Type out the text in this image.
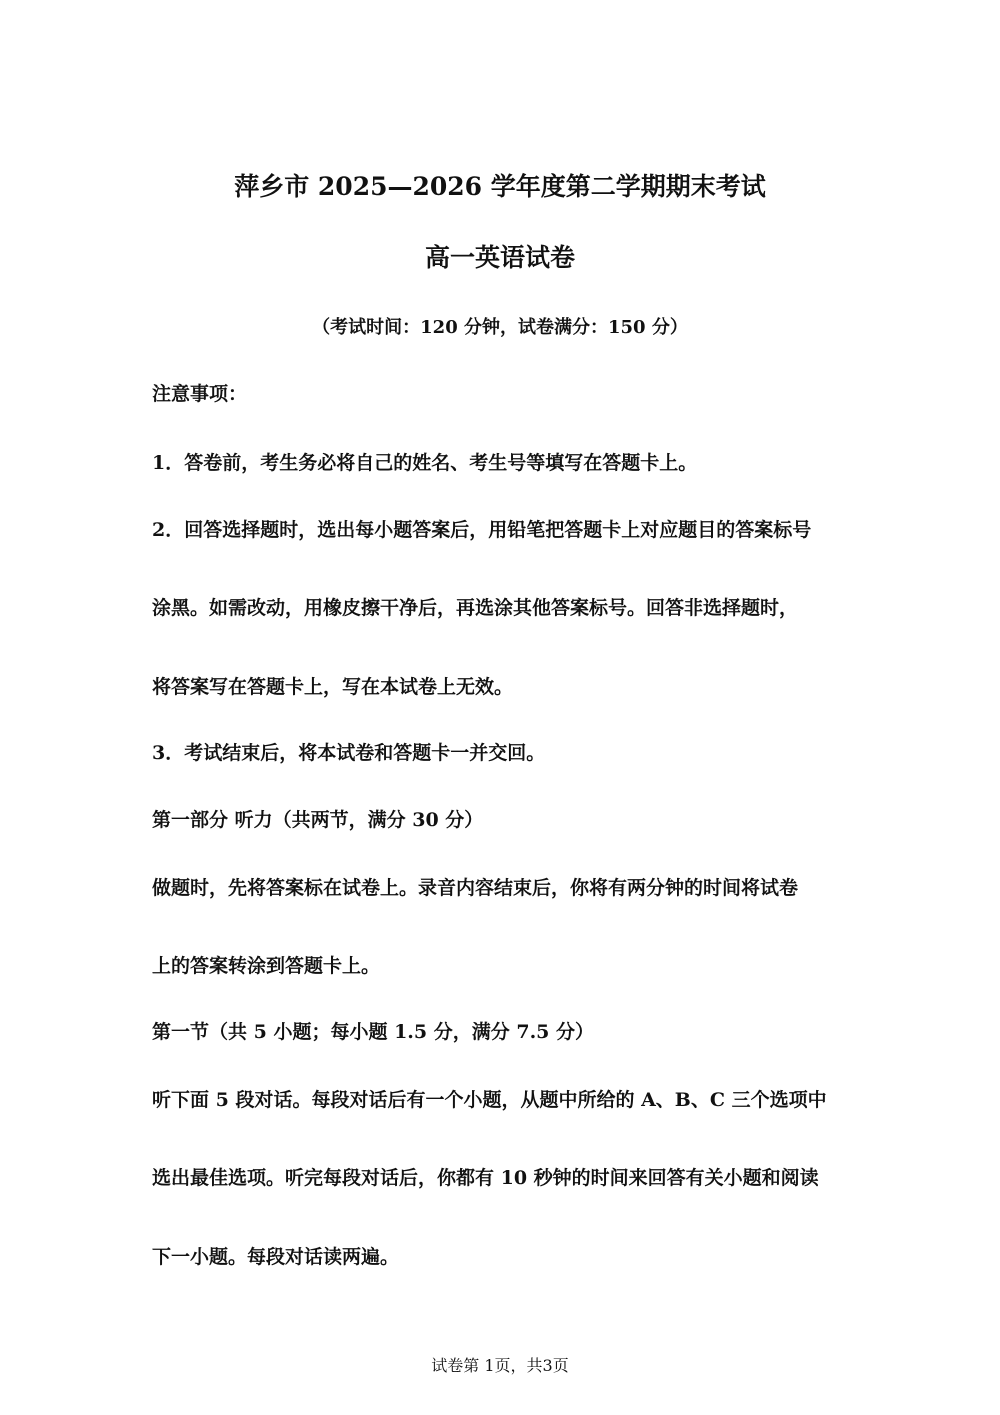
萍乡市 2025—2026 学年度第二学期期末考试
高一英语试卷
（考试时间：120 分钟，试卷满分：150 分）
注意事项：
1．答卷前，考生务必将自己的姓名、考生号等填写在答题卡上。
2．回答选择题时，选出每小题答案后，用铅笔把答题卡上对应题目的答案标号
涂黑。如需改动，用橡皮擦干净后，再选涂其他答案标号。回答非选择题时，
将答案写在答题卡上，写在本试卷上无效。
3．考试结束后，将本试卷和答题卡一并交回。
第一部分 听力（共两节，满分 30 分）
做题时，先将答案标在试卷上。录音内容结束后，你将有两分钟的时间将试卷
上的答案转涂到答题卡上。
第一节（共 5 小题；每小题 1.5 分，满分 7.5 分）
听下面 5 段对话。每段对话后有一个小题，从题中所给的 A、B、C 三个选项中
选出最佳选项。听完每段对话后，你都有 10 秒钟的时间来回答有关小题和阅读
下一小题。每段对话读两遍。
试卷第 1页，共3页
